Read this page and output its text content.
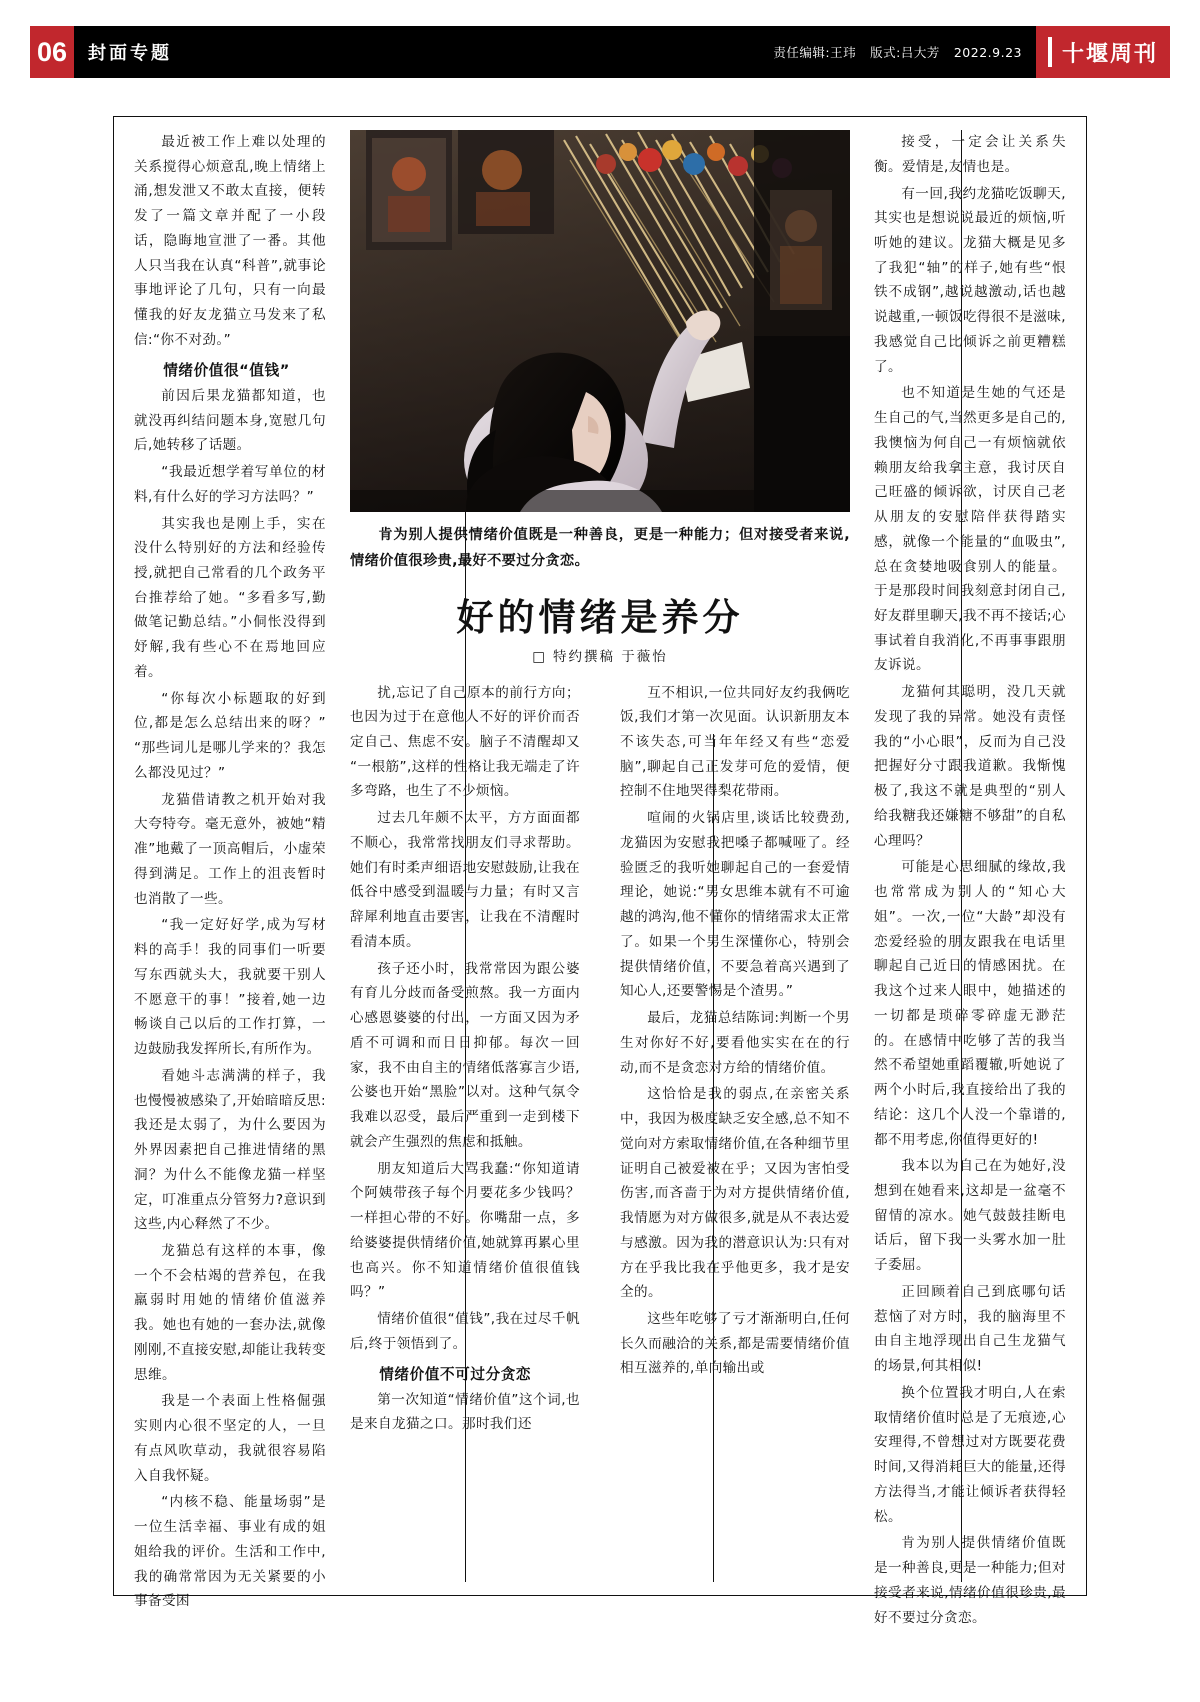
06	封面专题	责任编辑:王玮 版式:吕大芳 2022.9.23 十堰周刊

最近被工作上难以处理的关系搅得心烦意乱,晚上情绪上涌,想发泄又不敢太直接，便转发了一篇文章并配了一小段话，隐晦地宣泄了一番。其他人只当我在认真“科普”,就事论事地评论了几句，只有一向最懂我的好友龙猫立马发来了私信:“你不对劲。”

情绪价值很“值钱”

前因后果龙猫都知道，也就没再纠结问题本身,宽慰几句后,她转移了话题。

“我最近想学着写单位的材料,有什么好的学习方法吗？”

其实我也是刚上手，实在没什么特别好的方法和经验传授,就把自己常看的几个政务平台推荐给了她。“多看多写,勤做笔记勤总结。”小侗怅没得到妤解,我有些心不在焉地回应着。

“你每次小标题取的好到位,都是怎么总结出来的呀？”“那些词儿是哪儿学来的？我怎么都没见过？”

龙猫借请教之机开始对我大夸特夸。毫无意外，被她“精准”地戴了一顶高帽后，小虚荣得到满足。工作上的沮丧暂时也消散了一些。

“我一定好好学,成为写材料的高手！我的同事们一听要写东西就头大，我就要干别人不愿意干的事！”接着,她一边畅谈自己以后的工作打算，一边鼓励我发挥所长,有所作为。

看她斗志满满的样子，我也慢慢被感染了,开始暗暗反思:我还是太弱了，为什么要因为外界因素把自己推进情绪的黑洞？为什么不能像龙猫一样坚定，叮准重点分管努力?意识到这些,内心释然了不少。

龙猫总有这样的本事，像一个不会枯竭的营养包，在我羸弱时用她的情绪价值滋养我。她也有她的一套办法,就像刚刚,不直接安慰,却能让我转变思维。

我是一个表面上性格倔强实则内心很不坚定的人，一旦有点风吹草动，我就很容易陷入自我怀疑。

“内核不稳、能量场弱”是一位生活幸福、事业有成的姐姐给我的评价。生活和工作中,我的确常常因为无关紧要的小事备受困

肯为别人提供情绪价值既是一种善良，更是一种能力；但对接受者来说,情绪价值很珍贵,最好不要过分贪恋。
好的情绪是养分
□ 特约撰稿 于薇怡

扰,忘记了自己原本的前行方向；也因为过于在意他人不好的评价而否定自己、焦虑不安。脑子不清醒却又“一根筋”,这样的性格让我无端走了许多弯路，也生了不少烦恼。

过去几年颇不太平，方方面面都不顺心，我常常找朋友们寻求帮助。她们有时柔声细语地安慰鼓励,让我在低谷中感受到温暖与力量；有时又言辞犀利地直击要害，让我在不清醒时看清本质。

孩子还小时，我常常因为跟公婆有育儿分歧而备受煎熬。我一方面内心感恩婆婆的付出，一方面又因为矛盾不可调和而日日抑郁。每次一回家，我不由自主的情绪低落寡言少语,公婆也开始“黑脸”以对。这种气氛令我难以忍受，最后严重到一走到楼下就会产生强烈的焦虑和抵触。

朋友知道后大骂我蠢:“你知道请个阿姨带孩子每个月要花多少钱吗？一样担心带的不好。你嘴甜一点，多给婆婆提供情绪价值,她就算再累心里也高兴。你不知道情绪价值很值钱吗？”

情绪价值很“值钱”,我在过尽千帆后,终于领悟到了。

情绪价值不可过分贪恋

第一次知道“情绪价值”这个词,也是来自龙猫之口。那时我们还

互不相识,一位共同好友约我俩吃饭,我们才第一次见面。认识新朋友本不该失态,可当年年经又有些“恋爱脑”,聊起自己正发芽可危的爱情，便控制不住地哭得梨花带雨。

喧闹的火锅店里,谈话比较费劲,龙猫因为安慰我把嗓子都喊哑了。经验匮乏的我听她聊起自己的一套爱情理论，她说:“男女思维本就有不可逾越的鸿沟,他不懂你的情绪需求太正常了。如果一个男生深懂你心，特别会提供情绪价值，不要急着高兴遇到了知心人,还要警惕是个渣男。”

最后，龙猫总结陈词:判断一个男生对你好不好,要看他实实在在的行动,而不是贪恋对方给的情绪价值。

这恰恰是我的弱点,在亲密关系中，我因为极度缺乏安全感,总不知不觉向对方索取情绪价值,在各种细节里证明自己被爱被在乎；又因为害怕受伤害,而吝啬于为对方提供情绪价值,我情愿为对方做很多,就是从不表达爱与感激。因为我的潜意识认为:只有对方在乎我比我在乎他更多，我才是安全的。

这些年吃够了亏才渐渐明白,任何长久而融洽的关系,都是需要情绪价值相互滋养的,单向输出或

接受，一定会让关系失衡。爱情是,友情也是。

有一回,我约龙猫吃饭聊天,其实也是想说说最近的烦恼,听听她的建议。龙猫大概是见多了我犯“轴”的样子,她有些“恨铁不成钢”,越说越激动,话也越说越重,一顿饭吃得很不是滋味,我感觉自己比倾诉之前更糟糕了。

也不知道是生她的气还是生自己的气,当然更多是自己的,我懊恼为何自己一有烦恼就依赖朋友给我拿主意，我讨厌自己旺盛的倾诉欲，讨厌自己老从朋友的安慰陪伴获得踏实感，就像一个能量的“血吸虫”,总在贪婪地吸食别人的能量。于是那段时间我刻意封闭自己,好友群里聊天,我不再不接话;心事试着自我消化,不再事事跟朋友诉说。

龙猫何其聪明，没几天就发现了我的异常。她没有责怪我的“小心眼”，反而为自己没把握好分寸跟我道歉。我惭愧极了,我这不就是典型的“别人给我糖我还嫌糖不够甜”的自私心理吗？

可能是心思细腻的缘故,我也常常成为别人的“知心大姐”。一次,一位“大龄”却没有恋爱经验的朋友跟我在电话里聊起自己近日的情感困扰。在我这个过来人眼中，她描述的一切都是琐碎零碎虚无渺茫的。在感情中吃够了苦的我当然不希望她重蹈覆辙,听她说了两个小时后,我直接给出了我的结论：这几个人没一个靠谱的,都不用考虑,你值得更好的!

我本以为自己在为她好,没想到在她看来,这却是一盆毫不留情的凉水。她气鼓鼓挂断电话后，留下我一头雾水加一肚子委屈。

正回顾着自己到底哪句话惹恼了对方时，我的脑海里不由自主地浮现出自己生龙猫气的场景,何其相似!

换个位置我才明白,人在索取情绪价值时总是了无痕迹,心安理得,不曾想过对方既要花费时间,又得消耗巨大的能量,还得方法得当,才能让倾诉者获得轻松。

肯为别人提供情绪价值既是一种善良,更是一种能力;但对接受者来说,情绪价值很珍贵,最好不要过分贪恋。
